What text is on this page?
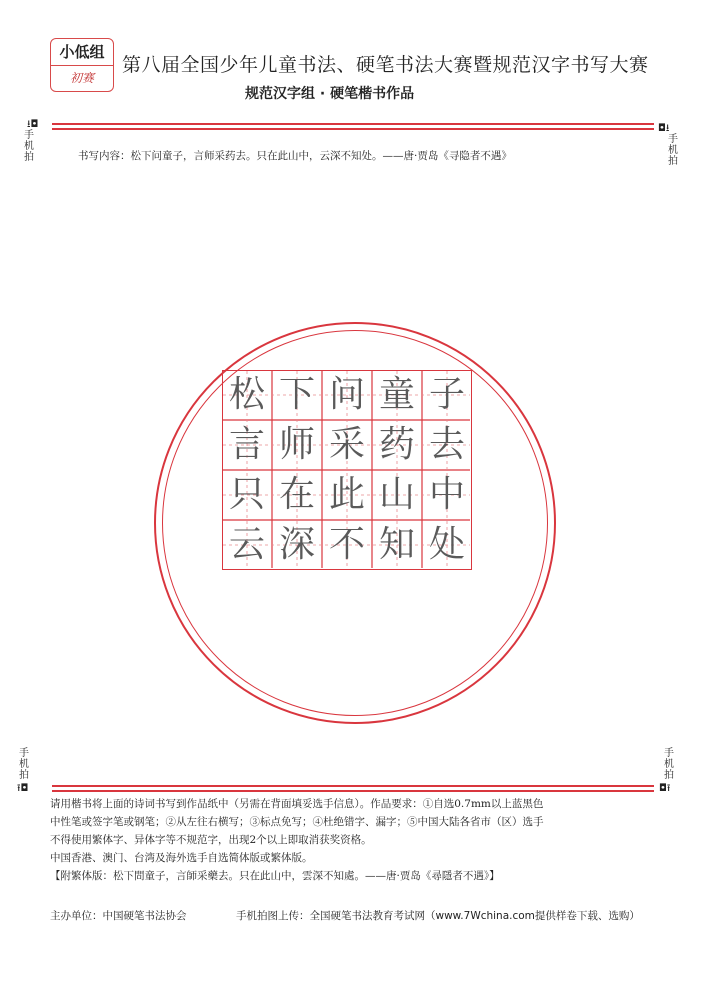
小低组
初赛
第八届全国少年儿童书法、硬笔书法大赛暨规范汉字书写大赛
规范汉字组 · 硬笔楷书作品
⭳◘
手机拍
◘⭳
手机拍
书写内容：松下问童子，言师采药去。只在此山中，云深不知处。——唐·贾岛《寻隐者不遇》
松 下 问 童 子
言 师 采 药 去
只 在 此 山 中
云 深 不 知 处
手机拍
⭱◘
手机拍
◘⭱

请用楷书将上面的诗词书写到作品纸中（另需在背面填妥选手信息）。作品要求：①自选0.7mm以上蓝黑色

中性笔或签字笔或钢笔；②从左往右横写；③标点免写；④杜绝错字、漏字；⑤中国大陆各省市（区）选手

不得使用繁体字、异体字等不规范字，出现2个以上即取消获奖资格。

中国香港、澳门、台湾及海外选手自选简体版或繁体版。

【附繁体版：松下問童子，言師采藥去。只在此山中，雲深不知處。——唐·贾岛《尋隱者不遇》】

主办单位：中国硬笔书法协会	手机拍图上传：全国硬笔书法教育考试网（www.7Wchina.com提供样卷下载、选购）
